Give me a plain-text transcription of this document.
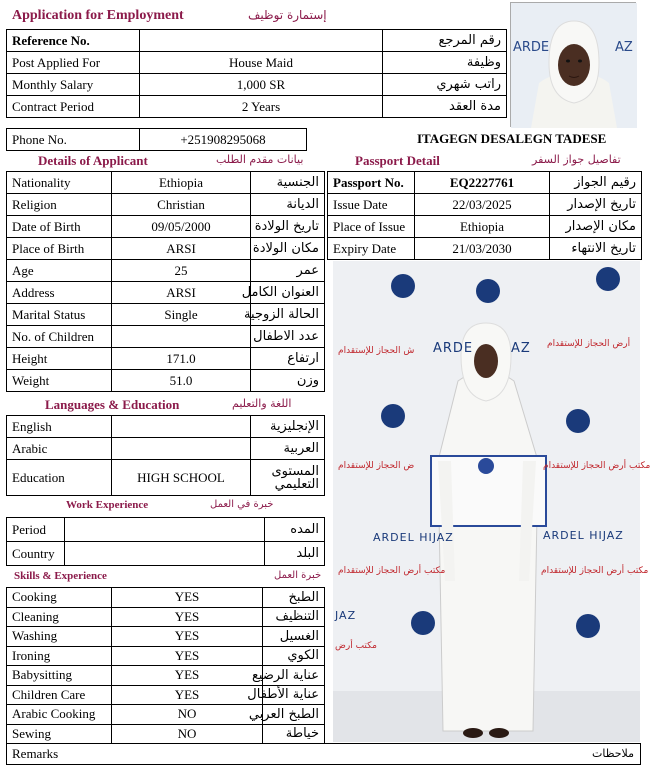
Application for Employment	إستمارة توظيف
Reference No.		رقم المرجع
Post Applied For	House Maid	وظيفة
Monthly Salary	1,000 SR	راتب شهري
Contract Period	2 Years	مدة العقد
Phone No.	+251908295068	ITAGEGN DESALEGN TADESE
ARDE	AZ
Details of Applicant	بيانات مقدم الطلب	Passport Detail	تفاصيل جواز السفر
Nationality	Ethiopia	الجنسية
Religion	Christian	الديانة
Date of Birth	09/05/2000	تاريخ الولادة
Place of Birth	ARSI	مكان الولادة
Age	25	عمر
Address	ARSI	العنوان الكامل
Marital Status	Single	الحالة الزوجية
No. of Children		عدد الاطفال
Height	171.0	ارتفاع
Weight	51.0	وزن
Passport No.	EQ2227761	رقيم الجواز
Issue Date	22/03/2025	تاريخ الإصدار
Place of Issue	Ethiopia	مكان الإصدار
Expiry Date	21/03/2030	تاريخ الانتهاء
ARDE	AZ
ش الحجاز للإستقدام
أرض الحجاز للإستقدام
ض الحجاز للإستقدام	مكتب أرض الحجاز للإستقدام
ARDEL HIJAZ	ARDEL HIJAZ
مكتب أرض الحجاز للإستقدام	مكتب أرض الحجاز للإستقدام
JAZ
مكتب أرض
Languages & Education	اللغة والتعليم
English		الإنجليزية
Arabic		العربية
Education	HIGH SCHOOL	المستوى
التعليمي
Work Experience	خبرة في العمل
Period		المده
Country		البلد
Skills & Experience	خبرة العمل
Cooking	YES	الطبخ
Cleaning	YES	التنظيف
Washing	YES	الغسيل
Ironing	YES	الكوي
Babysitting	YES	عناية الرضيع
Children Care	YES	عناية الأطفال
Arabic Cooking	NO	الطبخ العربي
Sewing	NO	خياطة
Remarks	ملاحظات
